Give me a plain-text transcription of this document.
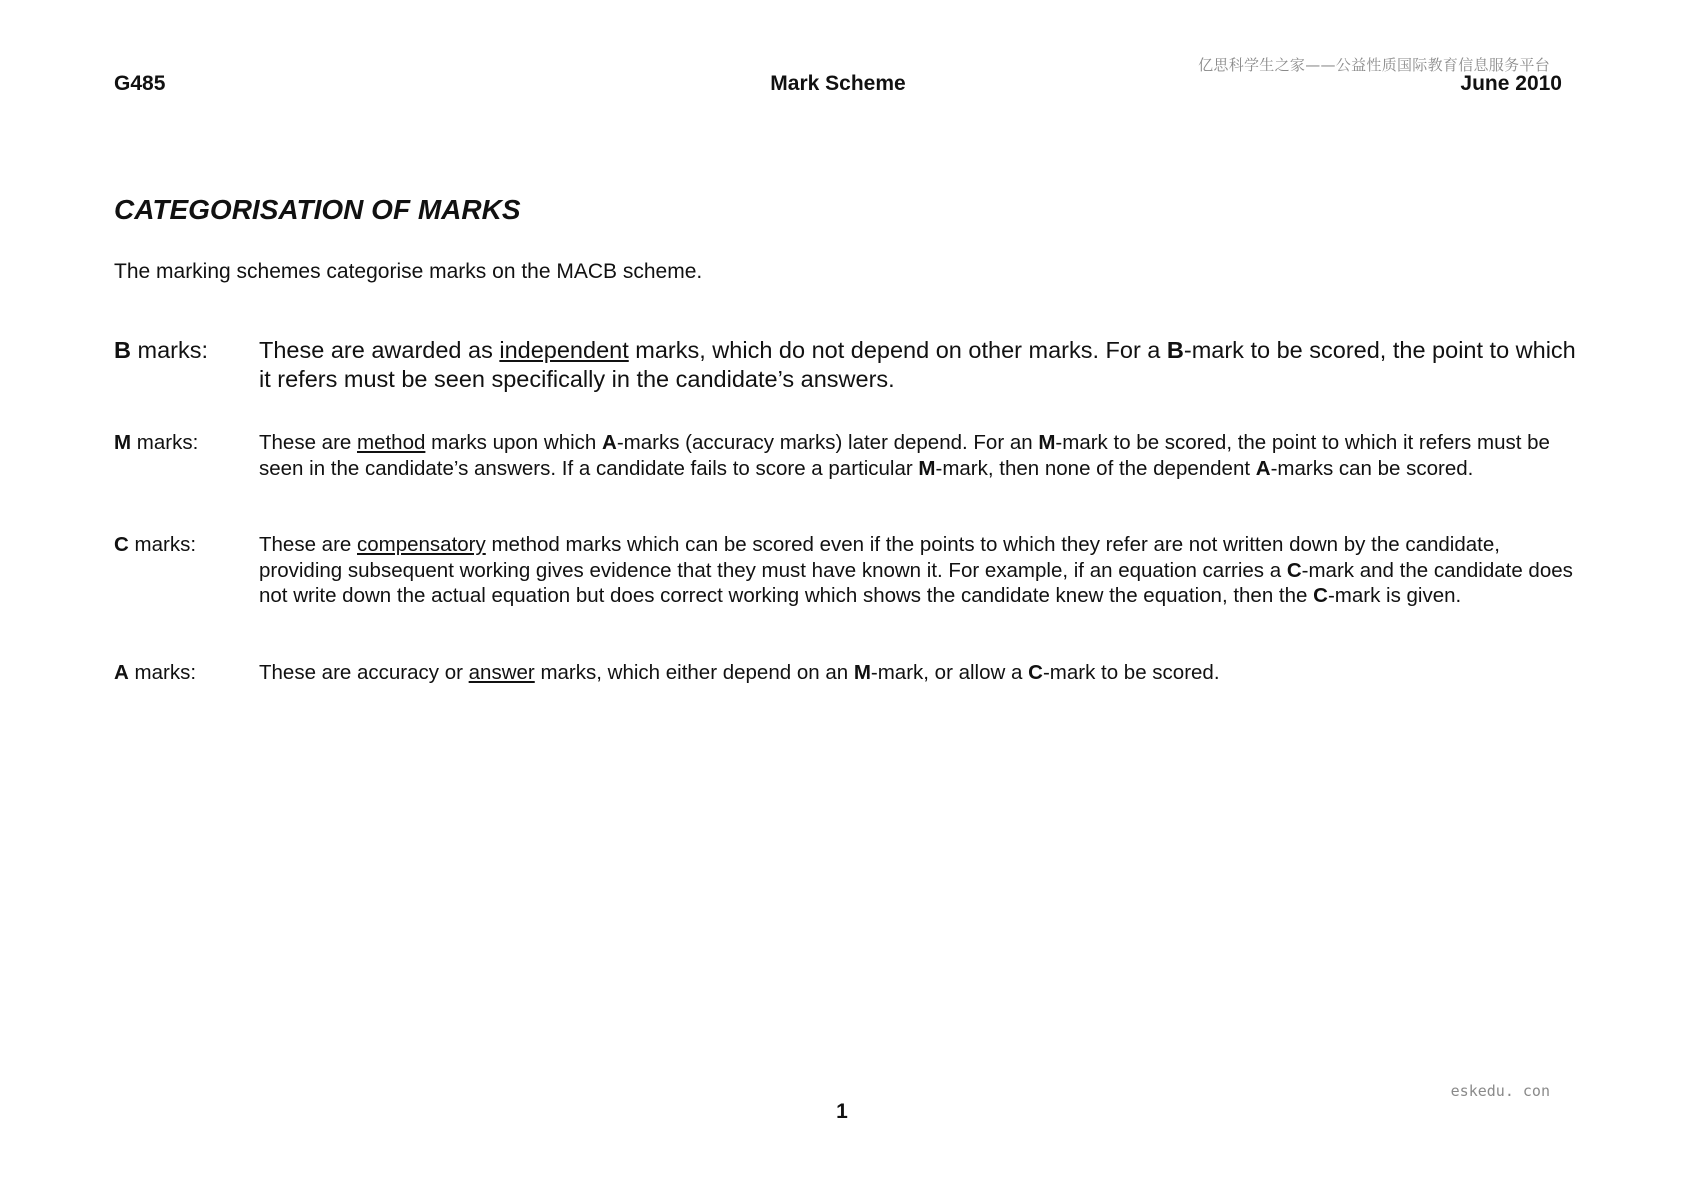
亿思科学生之家——公益性质国际教育信息服务平台
G485	Mark Scheme	June 2010
CATEGORISATION OF MARKS

The marking schemes categorise marks on the MACB scheme.

B marks:	These are awarded as independent marks, which do not depend on other marks. For a B-mark to be scored, the point to which it refers must be seen specifically in the candidate’s answers.
M marks:	These are method marks upon which A-marks (accuracy marks) later depend. For an M-mark to be scored, the point to which it refers must be seen in the candidate’s answers. If a candidate fails to score a particular M-mark, then none of the dependent A-marks can be scored.
C marks:	These are compensatory method marks which can be scored even if the points to which they refer are not written down by the candidate, providing subsequent working gives evidence that they must have known it. For example, if an equation carries a C-mark and the candidate does not write down the actual equation but does correct working which shows the candidate knew the equation, then the C-mark is given.
A marks:	These are accuracy or answer marks, which either depend on an M-mark, or allow a C-mark to be scored.
eskedu. con
1
